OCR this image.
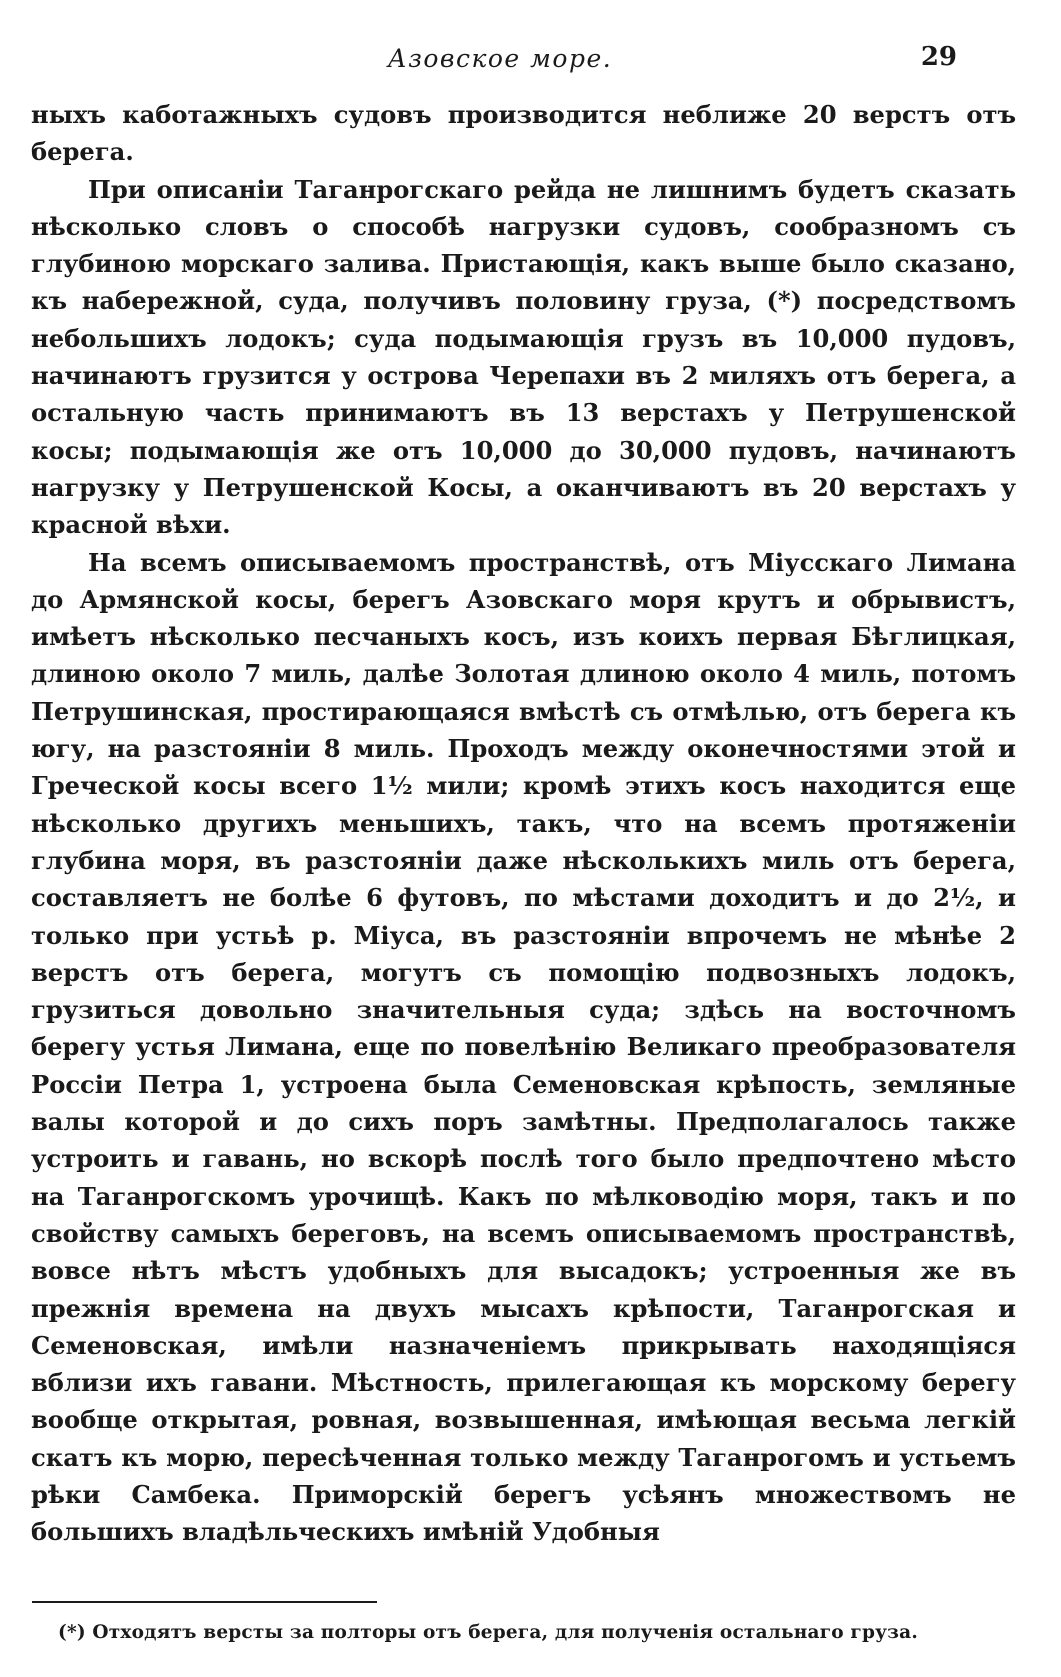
Азовское море.	29

ныхъ каботажныхъ судовъ производится неближе 20 верстъ отъ берега.

При описанiи Таганрогскаго рейда не лишнимъ будетъ сказать нѣсколько словъ о способѣ нагрузки судовъ, сообразномъ съ глубиною морскаго залива. Пристающiя, какъ выше было сказано, къ набережной, суда, получивъ половину груза, (*) посредствомъ небольшихъ лодокъ; суда подымающiя грузъ въ 10,000 пудовъ, начинаютъ грузится у острова Черепахи въ 2 миляхъ отъ берега, а остальную часть принимаютъ въ 13 верстахъ у Петрушенской косы; подымающiя же отъ 10,000 до 30,000 пудовъ, начинаютъ нагрузку у Петрушенской Косы, а оканчиваютъ въ 20 верстахъ у красной вѣхи.

На всемъ описываемомъ пространствѣ, отъ Мiусскаго Лимана до Армянской косы, берегъ Азовскаго моря крутъ и обрывистъ, имѣетъ нѣсколько песчаныхъ косъ, изъ коихъ первая Бѣглицкая, длиною около 7 миль, далѣе Золотая длиною около 4 миль, потомъ Петрушинская, простирающаяся вмѣстѣ съ отмѣлью, отъ берега къ югу, на разстоянiи 8 миль. Проходъ между оконечностями этой и Греческой косы всего 1½ мили; кромѣ этихъ косъ находится еще нѣсколько другихъ меньшихъ, такъ, что на всемъ протяженiи глубина моря, въ разстоянiи даже нѣсколькихъ миль отъ берега, составляетъ не болѣе 6 футовъ, по мѣстами доходитъ и до 2½, и только при устьѣ р. Мiуса, въ разстоянiи впрочемъ не мѣнѣе 2 верстъ отъ берега, могутъ съ помощiю подвозныхъ лодокъ, грузиться довольно значительныя суда; здѣсь на восточномъ берегу устья Лимана, еще по повелѣнiю Великаго преобразователя Россiи Петра 1, устроена была Семеновская крѣпость, земляные валы которой и до сихъ поръ замѣтны. Предполагалось также устроить и гавань, но вскорѣ послѣ того было предпочтено мѣсто на Таганрогскомъ урочищѣ. Какъ по мѣлководiю моря, такъ и по свойству самыхъ береговъ, на всемъ описываемомъ пространствѣ, вовсе нѣтъ мѣстъ удобныхъ для высадокъ; устроенныя же въ прежнiя времена на двухъ мысахъ крѣпости, Таганрогская и Семеновская, имѣли назначенiемъ прикрывать находящiяся вблизи ихъ гавани. Мѣстность, прилегающая къ морскому берегу вообще открытая, ровная, возвышенная, имѣющая весьма легкiй скатъ къ морю, пересѣченная только между Таганрогомъ и устьемъ рѣки Самбека. Приморскiй берегъ усѣянъ множествомъ не большихъ владѣльческихъ имѣнiй Удобныя

(*) Отходятъ версты за полторы отъ берега, для полученiя остальнаго груза.
